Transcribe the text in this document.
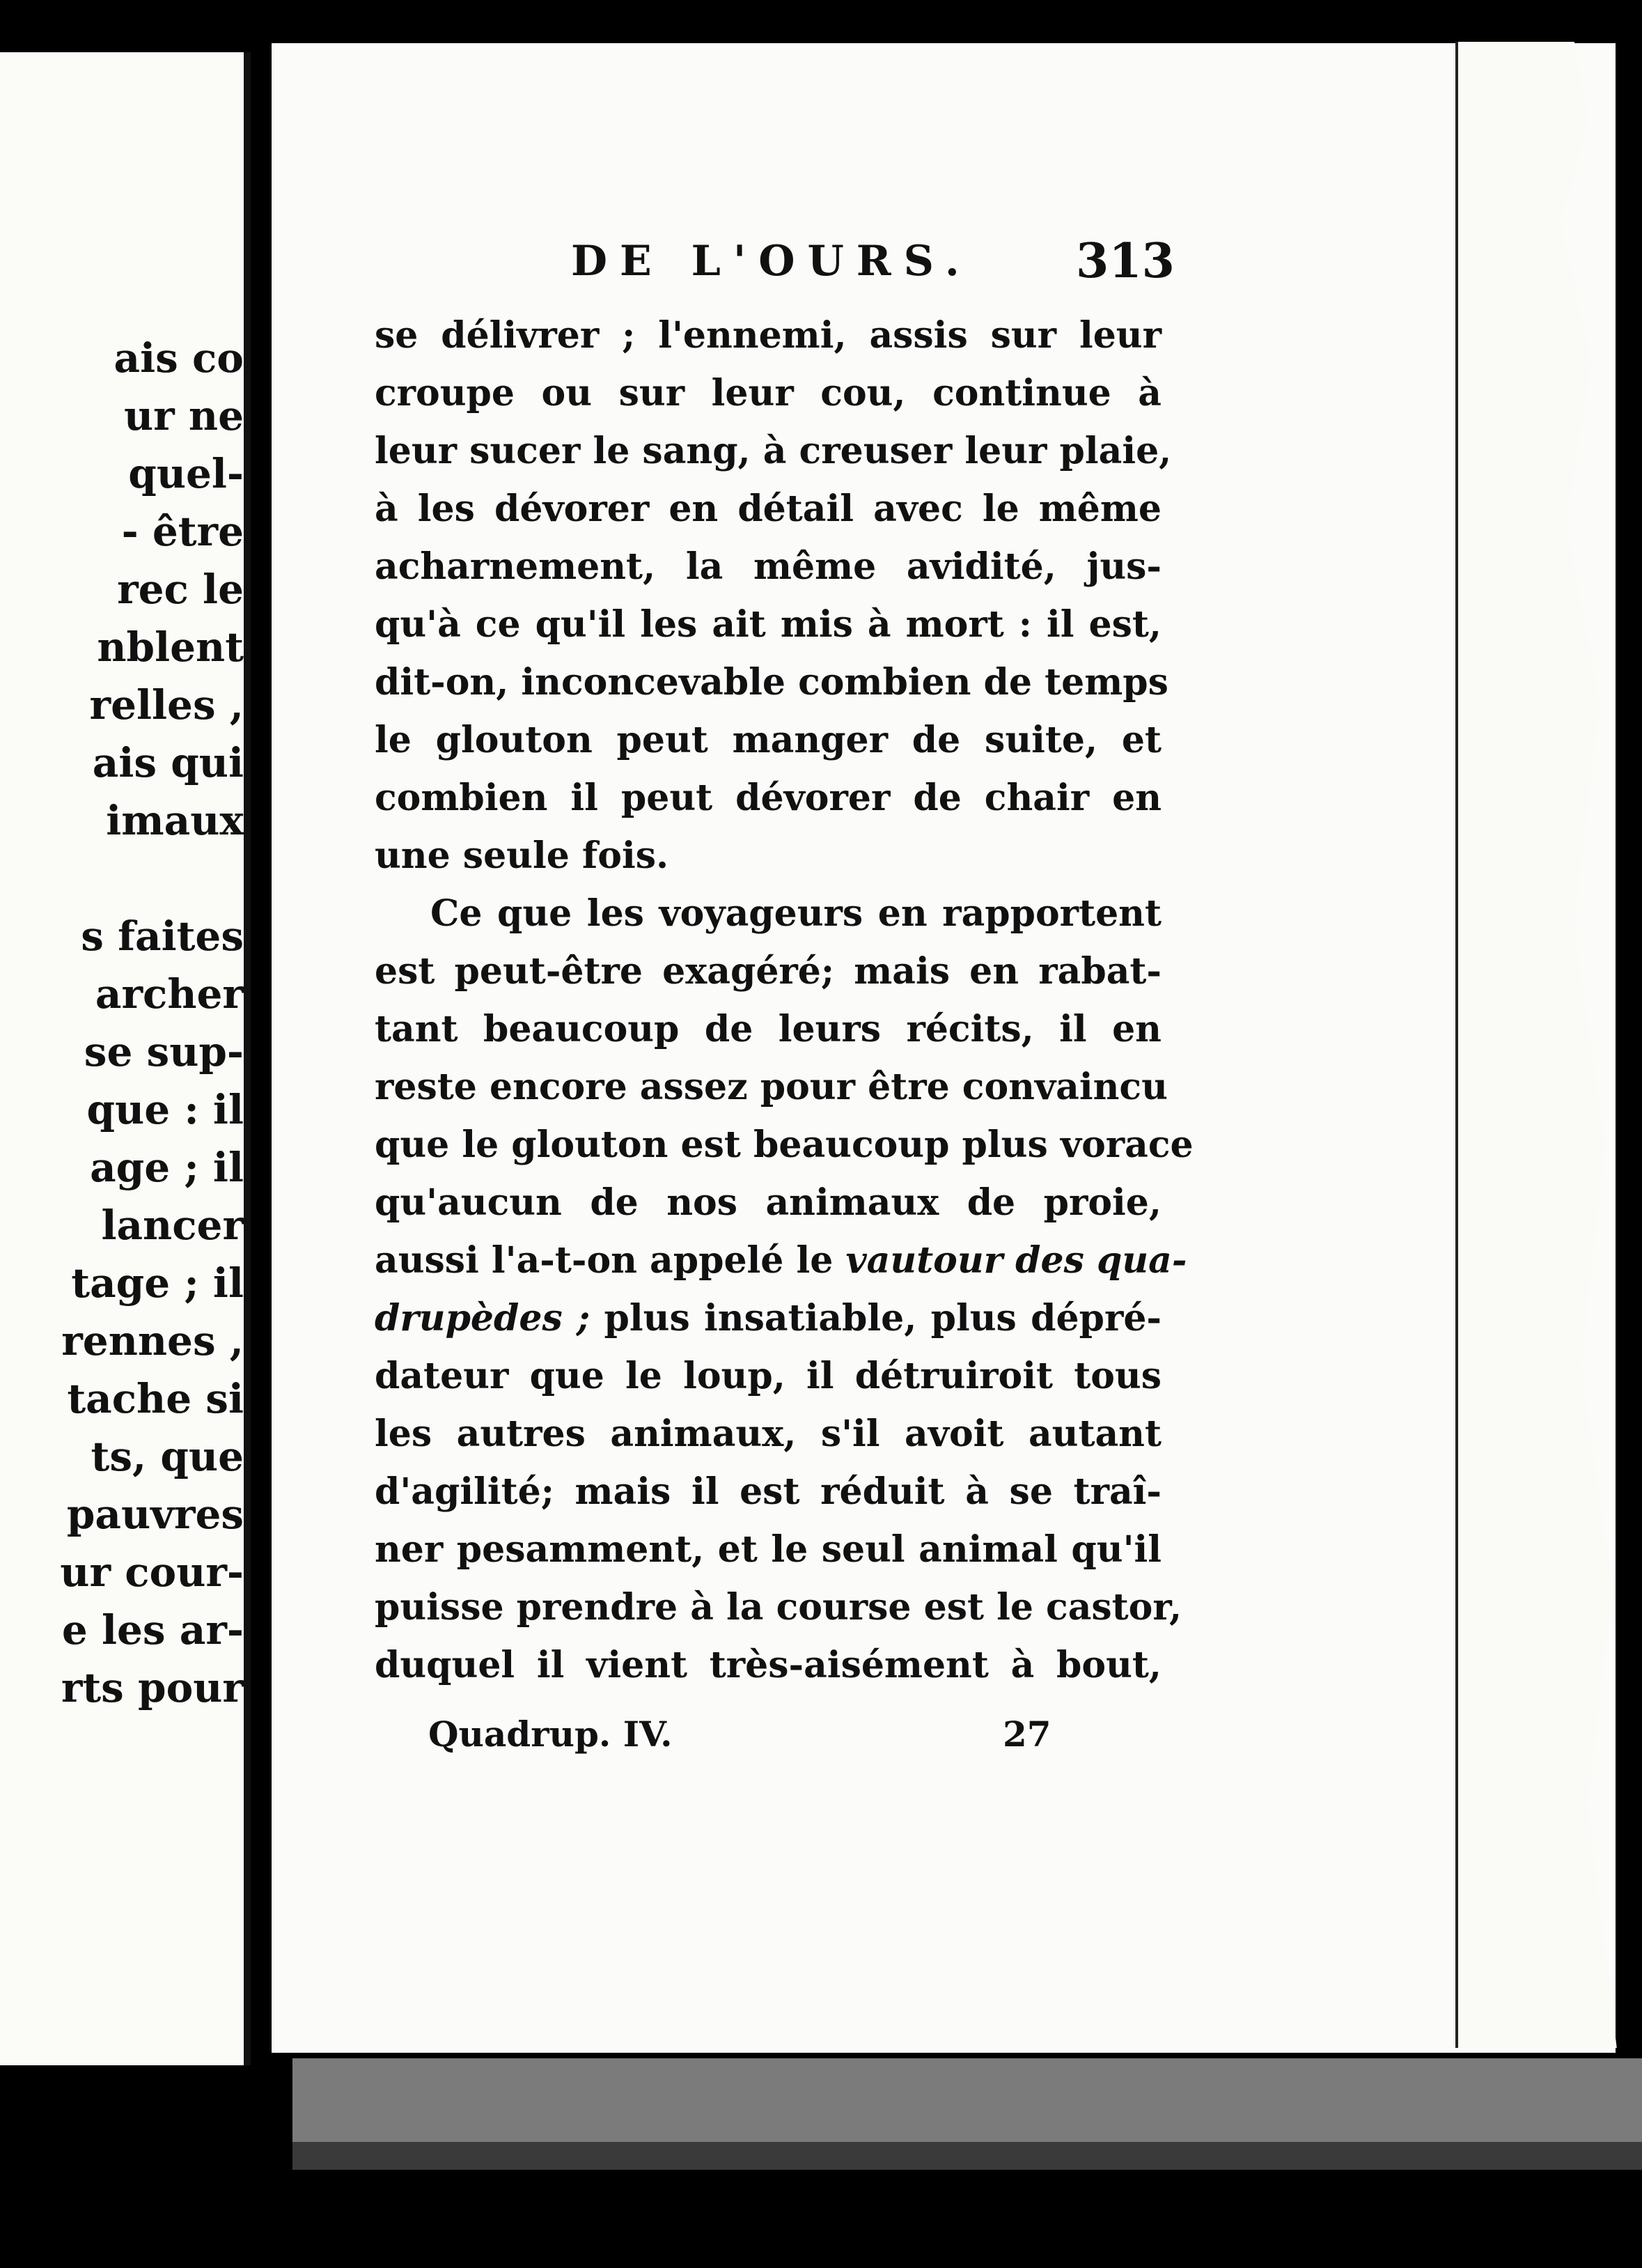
ais co
ur ne
quel-
- être
rec le
nblent
relles ,
ais qui
imaux
s faites
archer
se sup-
que : il
age ; il
lancer
tage ; il
rennes ,
tache si
ts, que
pauvres
ur cour-
e les ar-
rts pour
DE L'OURS. 313
se délivrer ; l'ennemi, assis sur leur
croupe ou sur leur cou, continue à
leur sucer le sang, à creuser leur plaie,
à les dévorer en détail avec le même
acharnement, la même avidité, jus-
qu'à ce qu'il les ait mis à mort : il est,
dit-on, inconcevable combien de temps
le glouton peut manger de suite, et
combien il peut dévorer de chair en
une seule fois.
Ce que les voyageurs en rapportent
est peut-être exagéré; mais en rabat-
tant beaucoup de leurs récits, il en
reste encore assez pour être convaincu
que le glouton est beaucoup plus vorace
qu'aucun de nos animaux de proie,
aussi l'a-t-on appelé le vautour des qua-
drupèdes ; plus insatiable, plus dépré-
dateur que le loup, il détruiroit tous
les autres animaux, s'il avoit autant
d'agilité; mais il est réduit à se traî-
ner pesamment, et le seul animal qu'il
puisse prendre à la course est le castor,
duquel il vient très-aisément à bout,
Quadrup. IV.	27
